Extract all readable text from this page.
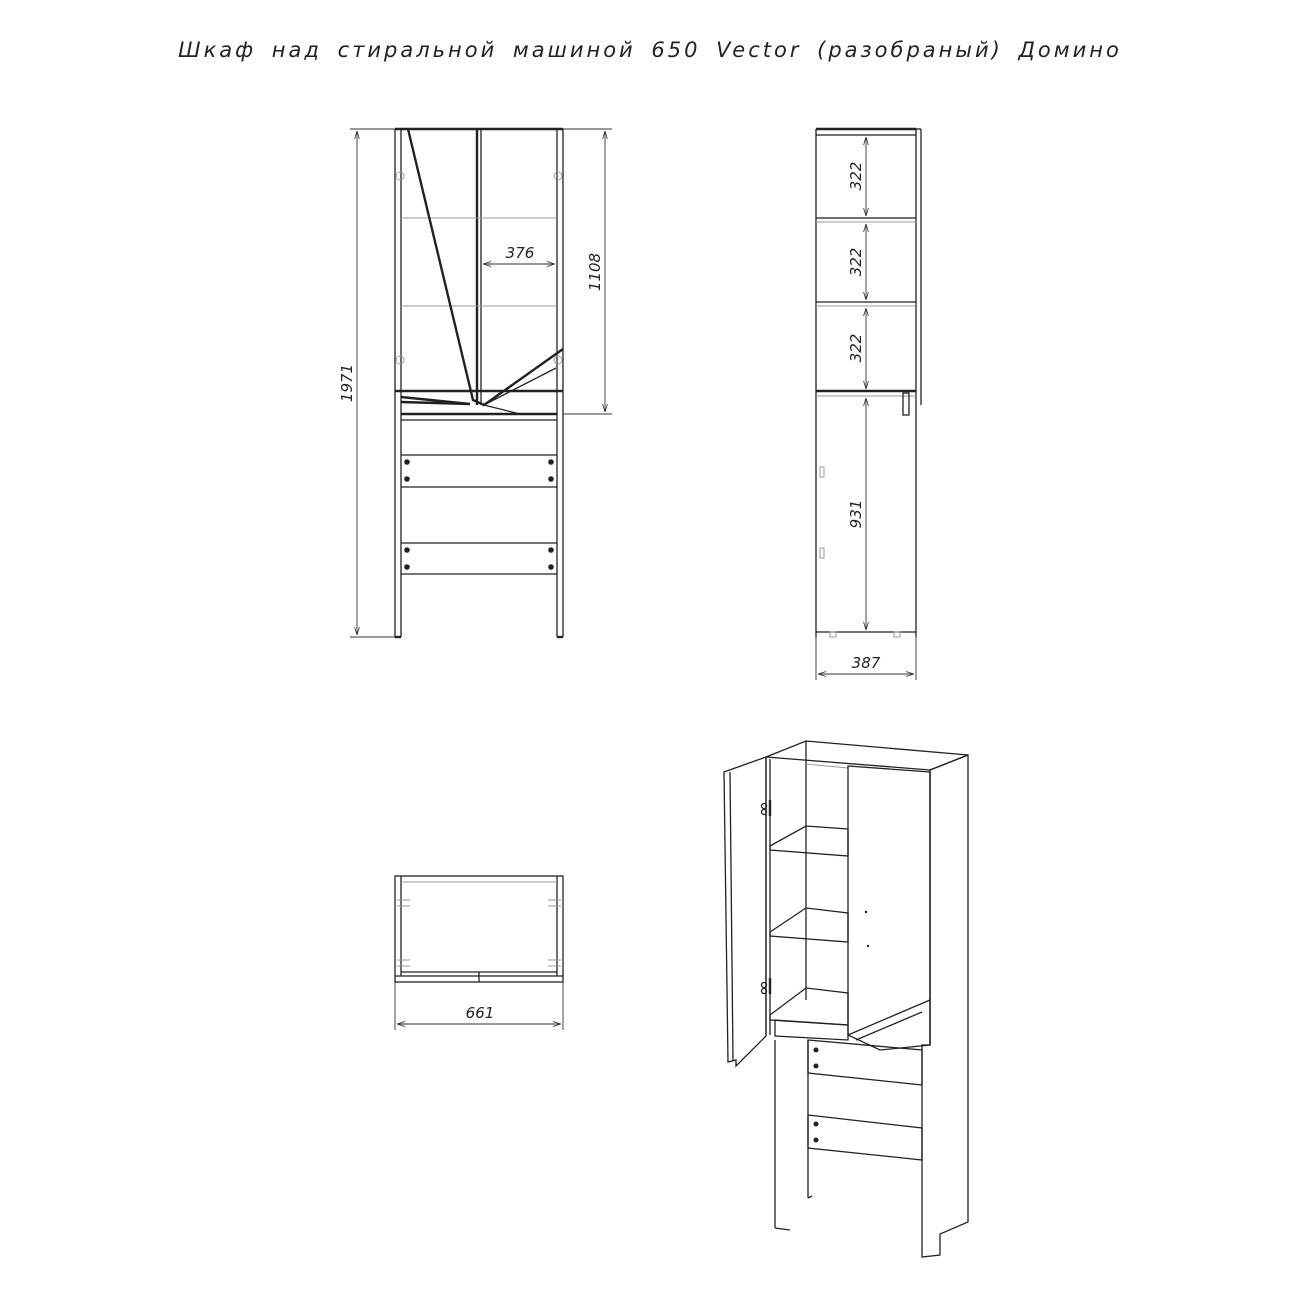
Шкаф над стиральной машиной 650 Vector (разобраный) Домино
1971
1108
376
322
322
322
931
387
661
